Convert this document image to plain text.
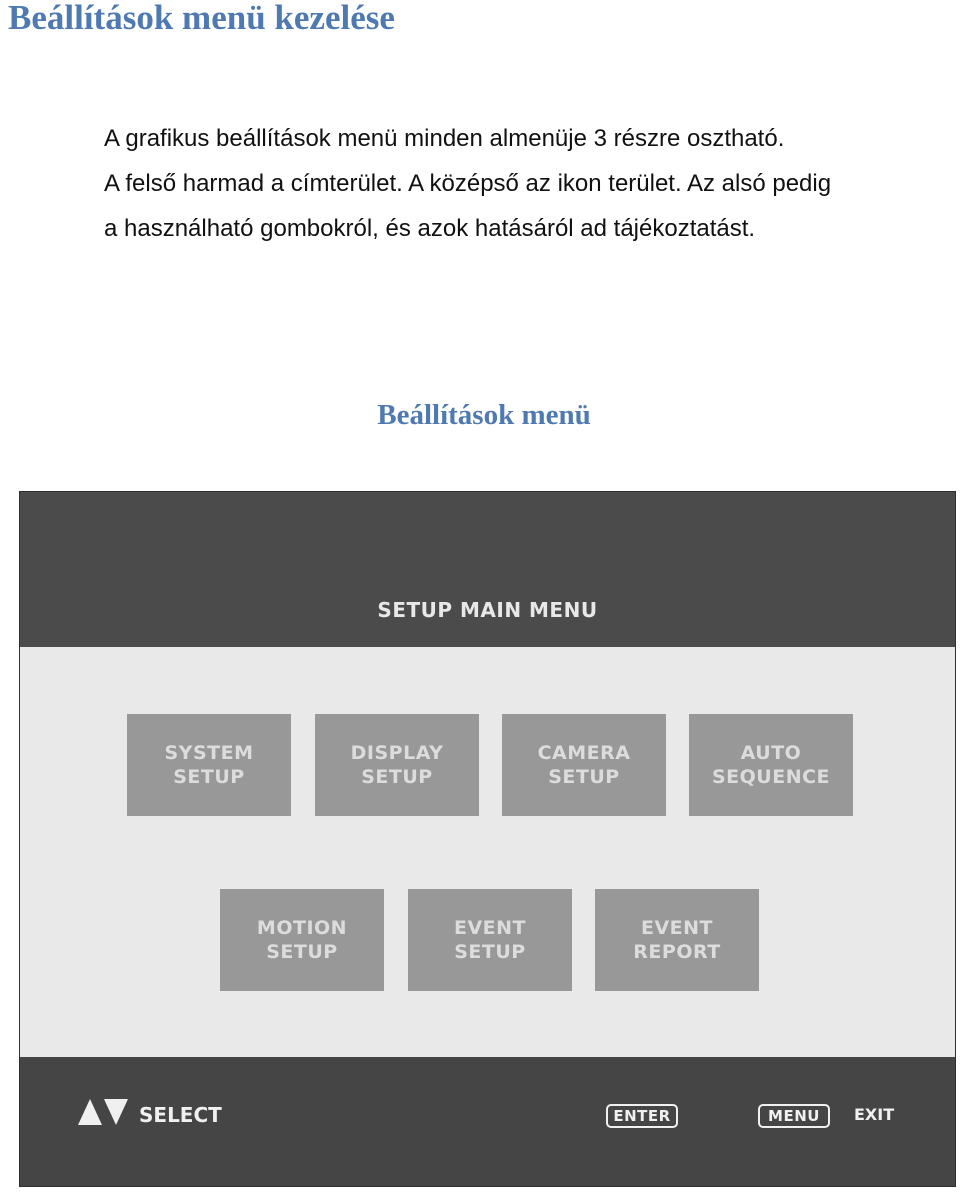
Beállítások menü kezelése
A grafikus beállítások menü minden almenüje 3 részre osztható.
A felső harmad a címterület. A középső az ikon terület. Az alsó pedig
a használható gombokról, és azok hatásáról ad tájékoztatást.
Beállítások menü
SETUP MAIN MENU

SYSTEM
SETUP
DISPLAY
SETUP
CAMERA
SETUP
AUTO
SEQUENCE
MOTION
SETUP
EVENT
SETUP
EVENT
REPORT
SELECT	ENTER	MENU	EXIT
